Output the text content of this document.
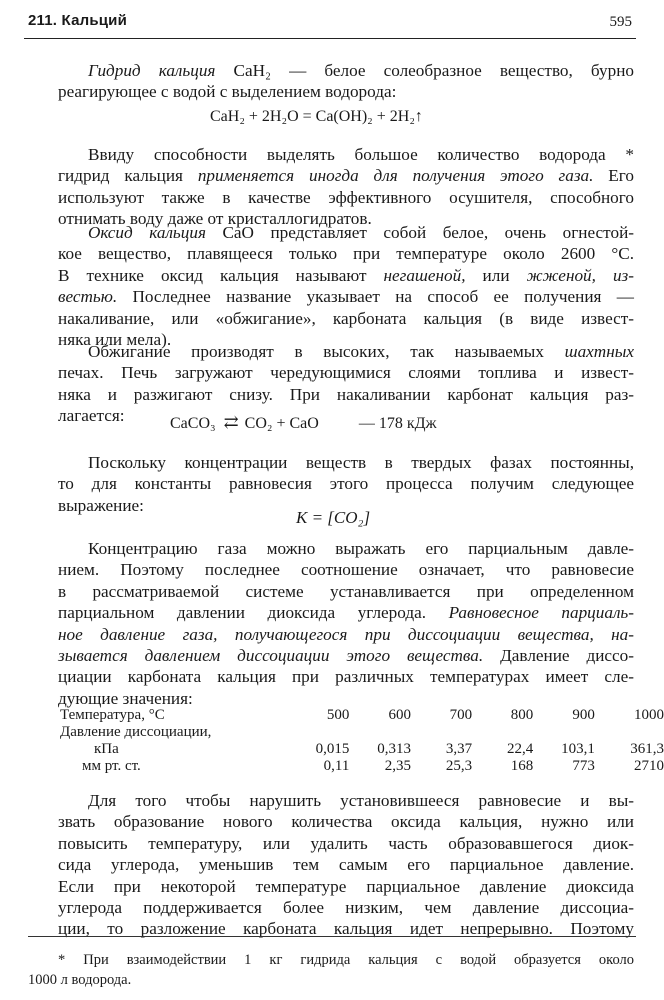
211. Кальций	595
Гидрид кальция CaH₂ — белое солеобразное вещество, бурно
реагирующее с водой с выделением водорода:
CaH₂ + 2H₂O = Ca(OH)₂ + 2H₂↑
Ввиду способности выделять большое количество водорода *
гидрид кальция применяется иногда для получения этого газа. Его
используют также в качестве эффективного осушителя, способного
отнимать воду даже от кристаллогидратов.
Оксид кальция CaO представляет собой белое, очень огнестой-
кое вещество, плавящееся только при температуре около 2600 °C.
В технике оксид кальция называют негашеной, или жженой, из-
вестью. Последнее название указывает на способ ее получения —
накаливание, или «обжигание», карбоната кальция (в виде извест-
няка или мела).
Обжигание производят в высоких, так называемых шахтных
печах. Печь загружают чередующимися слоями топлива и извест-
няка и разжигают снизу. При накаливании карбонат кальция раз-
лагается:	CaCO₃ ⇄ CO₂ + CaO	— 178 кДж
Поскольку концентрации веществ в твердых фазах постоянны,
то для константы равновесия этого процесса получим следующее
выражение:
K = [CO₂]
Концентрацию газа можно выражать его парциальным давле-
нием. Поэтому последнее соотношение означает, что равновесие
в рассматриваемой системе устанавливается при определенном
парциальном давлении диоксида углерода. Равновесное парциаль-
ное давление газа, получающегося при диссоциации вещества, на-
зывается давлением диссоциации этого вещества. Давление диссо-
циации карбоната кальция при различных температурах имеет сле-
дующие значения:
Температура, °C	500	600	700	800	900	1000
Давление диссоциации,						
кПа	0,015	0,313	3,37	22,4	103,1	361,3
мм рт. ст.	0,11	2,35	25,3	168	773	2710
Для того чтобы нарушить установившееся равновесие и вы-
звать образование нового количества оксида кальция, нужно или
повысить температуру, или удалить часть образовавшегося диок-
сида углерода, уменьшив тем самым его парциальное давление.
Если при некоторой температуре парциальное давление диоксида
углерода поддерживается более низким, чем давление диссоциа-
ции, то разложение карбоната кальция идет непрерывно. Поэтому
* При взаимодействии 1 кг гидрида кальция с водой образуется около
1000 л водорода.
